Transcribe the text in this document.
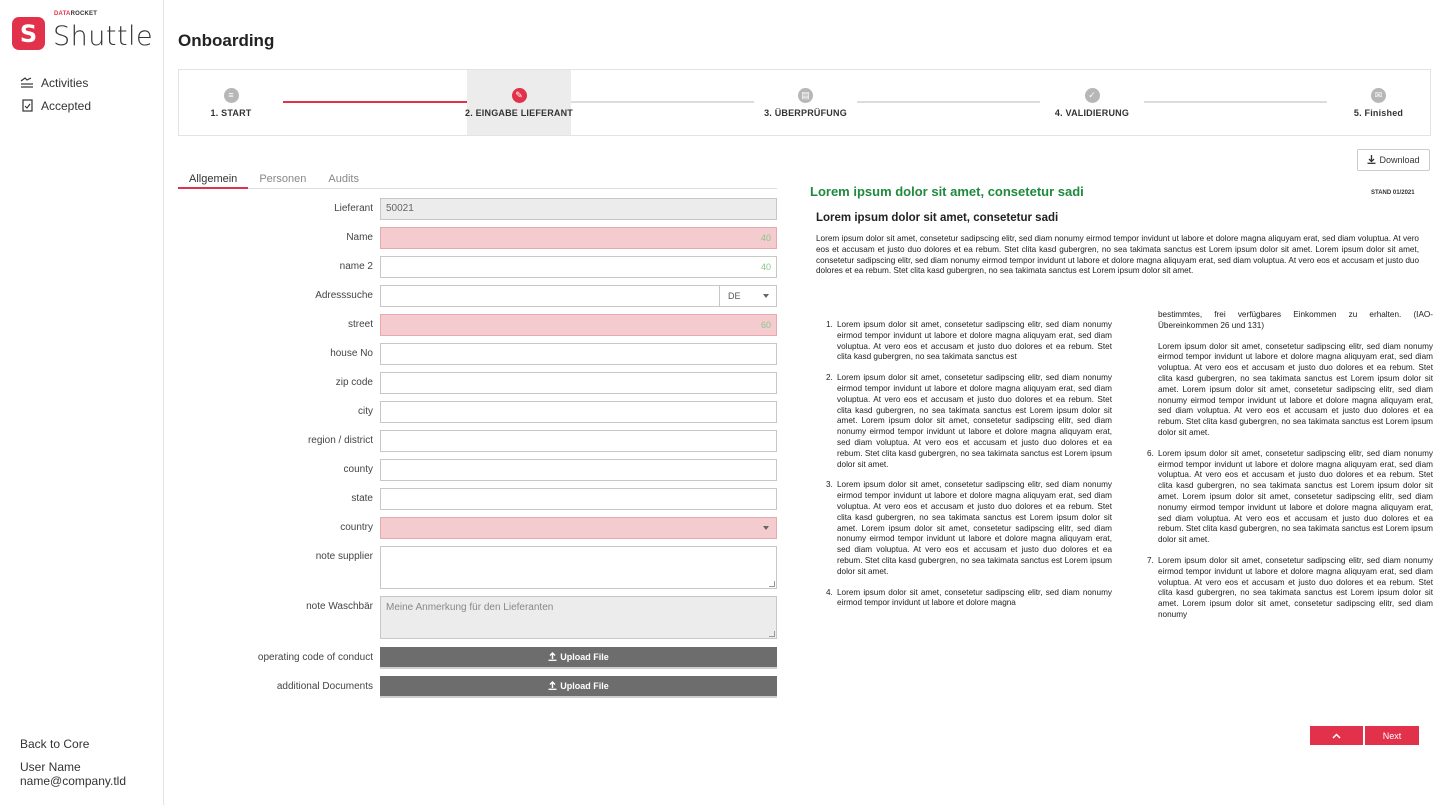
S
DATAROCKET
Shuttle
Activities
Accepted
Back to Core
User Name
name@company.tld
Onboarding
≡
1. START
✎
2. EINGABE LIEFERANT
▤
3. ÜBERPRÜFUNG
✓
4. VALIDIERUNG
✉
5. Finished
Download
Allgemein	Personen	Audits
Lieferant	50021
Name	40
name 2	40
Adresssuche	DE
street	60
house No
zip code
city
region / district
county
state
country
note supplier
note Waschbär	Meine Anmerkung für den Lieferanten
operating code of conduct	Upload File
additional Documents	Upload File
Lorem ipsum dolor sit amet, consetetur sadi	STAND 01/2021
Lorem ipsum dolor sit amet, consetetur sadi
Lorem ipsum dolor sit amet, consetetur sadipscing elitr, sed diam nonumy eirmod tempor invidunt ut labore et dolore magna aliquyam erat, sed diam voluptua. At vero eos et accusam et justo duo dolores et ea rebum. Stet clita kasd gubergren, no sea takimata sanctus est Lorem ipsum dolor sit amet. Lorem ipsum dolor sit amet, consetetur sadipscing elitr, sed diam nonumy eirmod tempor invidunt ut labore et dolore magna aliquyam erat, sed diam voluptua. At vero eos et accusam et justo duo dolores et ea rebum. Stet clita kasd gubergren, no sea takimata sanctus est Lorem ipsum dolor sit amet.
1. Lorem ipsum dolor sit amet, consetetur sadipscing elitr, sed diam nonumy eirmod tempor invidunt ut labore et dolore magna aliquyam erat, sed diam voluptua. At vero eos et accusam et justo duo dolores et ea rebum. Stet clita kasd gubergren, no sea takimata sanctus est
2. Lorem ipsum dolor sit amet, consetetur sadipscing elitr, sed diam nonumy eirmod tempor invidunt ut labore et dolore magna aliquyam erat, sed diam voluptua. At vero eos et accusam et justo duo dolores et ea rebum. Stet clita kasd gubergren, no sea takimata sanctus est Lorem ipsum dolor sit amet. Lorem ipsum dolor sit amet, consetetur sadipscing elitr, sed diam nonumy eirmod tempor invidunt ut labore et dolore magna aliquyam erat, sed diam voluptua. At vero eos et accusam et justo duo dolores et ea rebum. Stet clita kasd gubergren, no sea takimata sanctus est Lorem ipsum dolor sit amet.
3. Lorem ipsum dolor sit amet, consetetur sadipscing elitr, sed diam nonumy eirmod tempor invidunt ut labore et dolore magna aliquyam erat, sed diam voluptua. At vero eos et accusam et justo duo dolores et ea rebum. Stet clita kasd gubergren, no sea takimata sanctus est Lorem ipsum dolor sit amet. Lorem ipsum dolor sit amet, consetetur sadipscing elitr, sed diam nonumy eirmod tempor invidunt ut labore et dolore magna aliquyam erat, sed diam voluptua. At vero eos et accusam et justo duo dolores et ea rebum. Stet clita kasd gubergren, no sea takimata sanctus est Lorem ipsum dolor sit amet.
4. Lorem ipsum dolor sit amet, consetetur sadipscing elitr, sed diam nonumy eirmod tempor invidunt ut labore et dolore magna
bestimmtes, frei verfügbares Einkommen zu erhalten. (IAO-Übereinkommen 26 und 131)
Lorem ipsum dolor sit amet, consetetur sadipscing elitr, sed diam nonumy eirmod tempor invidunt ut labore et dolore magna aliquyam erat, sed diam voluptua. At vero eos et accusam et justo duo dolores et ea rebum. Stet clita kasd gubergren, no sea takimata sanctus est Lorem ipsum dolor sit amet. Lorem ipsum dolor sit amet, consetetur sadipscing elitr, sed diam nonumy eirmod tempor invidunt ut labore et dolore magna aliquyam erat, sed diam voluptua. At vero eos et accusam et justo duo dolores et ea rebum. Stet clita kasd gubergren, no sea takimata sanctus est Lorem ipsum dolor sit amet.
6. Lorem ipsum dolor sit amet, consetetur sadipscing elitr, sed diam nonumy eirmod tempor invidunt ut labore et dolore magna aliquyam erat, sed diam voluptua. At vero eos et accusam et justo duo dolores et ea rebum. Stet clita kasd gubergren, no sea takimata sanctus est Lorem ipsum dolor sit amet. Lorem ipsum dolor sit amet, consetetur sadipscing elitr, sed diam nonumy eirmod tempor invidunt ut labore et dolore magna aliquyam erat, sed diam voluptua. At vero eos et accusam et justo duo dolores et ea rebum. Stet clita kasd gubergren, no sea takimata sanctus est Lorem ipsum dolor sit amet.
7. Lorem ipsum dolor sit amet, consetetur sadipscing elitr, sed diam nonumy eirmod tempor invidunt ut labore et dolore magna aliquyam erat, sed diam voluptua. At vero eos et accusam et justo duo dolores et ea rebum. Stet clita kasd gubergren, no sea takimata sanctus est Lorem ipsum dolor sit amet. Lorem ipsum dolor sit amet, consetetur sadipscing elitr, sed diam nonumy
Next
